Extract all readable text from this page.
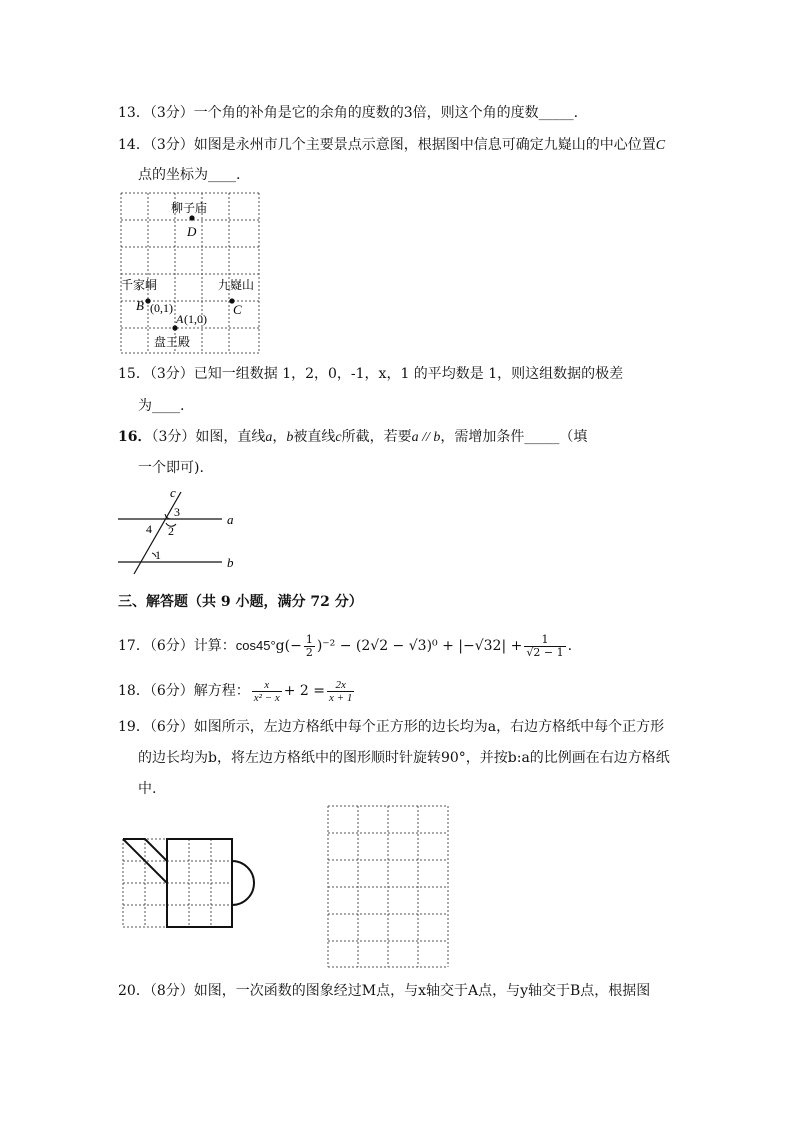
13．（3分）一个角的补角是它的余角的度数的3倍，则这个角的度数_____.
14．（3分）如图是永州市几个主要景点示意图，根据图中信息可确定九嶷山的中心位置C
点的坐标为____.
柳子庙
D
千家峒
B (0,1)
九嶷山
C
A (1,0)
盘王殿
15．（3分）已知一组数据 1，2，0，-1，x，1 的平均数是 1，则这组数据的极差
为____.
16．（3分）如图，直线a，b被直线c所截，若要a // b，需增加条件_____（填
一个即可).
c
a
b
3
2
4
1
三、解答题（共 9 小题，满分 72 分）
17．（6分）计算：$\cos 45^\circ g(- \frac{1}{2} )^{-2} - (2√2 - √3)^0 + |-√32| + \frac{1}{√2 - 1}$ .
18．（6分）解方程： $\frac{x}{\text{x² − x}} + 2 = \frac{2x}{x + 1}$
19．（6分）如图所示，左边方格纸中每个正方形的边长均为a，右边方格纸中每个正方形
的边长均为b，将左边方格纸中的图形顺时针旋转90°，并按b:a的比例画在右边方格纸
中.
20．（8分）如图，一次函数的图象经过M点，与x轴交于A点，与y轴交于B点，根据图
